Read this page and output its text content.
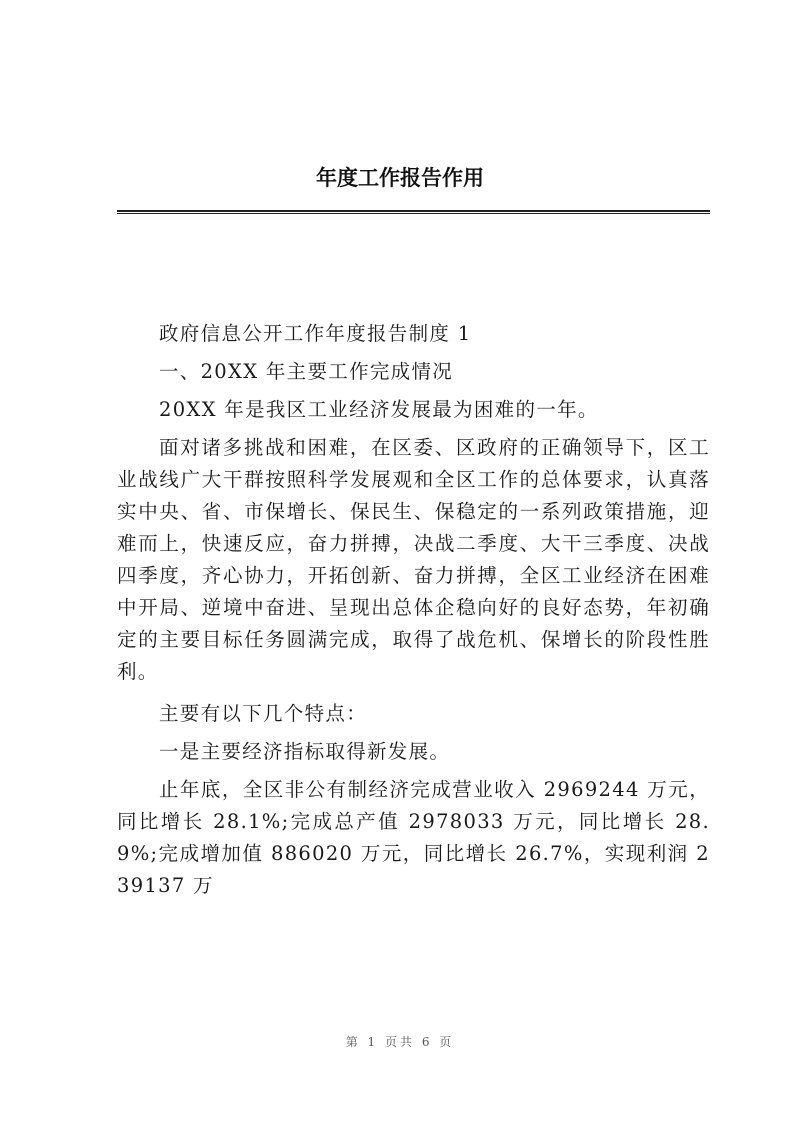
年度工作报告作用

政府信息公开工作年度报告制度 1

一、20XX 年主要工作完成情况

20XX 年是我区工业经济发展最为困难的一年。

面对诸多挑战和困难，在区委、区政府的正确领导下，区工业战线广大干群按照科学发展观和全区工作的总体要求，认真落实中央、省、市保增长、保民生、保稳定的一系列政策措施，迎难而上，快速反应，奋力拼搏，决战二季度、大干三季度、决战四季度，齐心协力，开拓创新、奋力拼搏，全区工业经济在困难中开局、逆境中奋进、呈现出总体企稳向好的良好态势，年初确定的主要目标任务圆满完成，取得了战危机、保增长的阶段性胜利。

主要有以下几个特点：

一是主要经济指标取得新发展。

止年底，全区非公有制经济完成营业收入 2969244 万元，同比增长 28.1%;完成总产值 2978033 万元，同比增长 28.9%;完成增加值 886020 万元，同比增长 26.7%，实现利润 239137 万

第 1 页共 6 页
